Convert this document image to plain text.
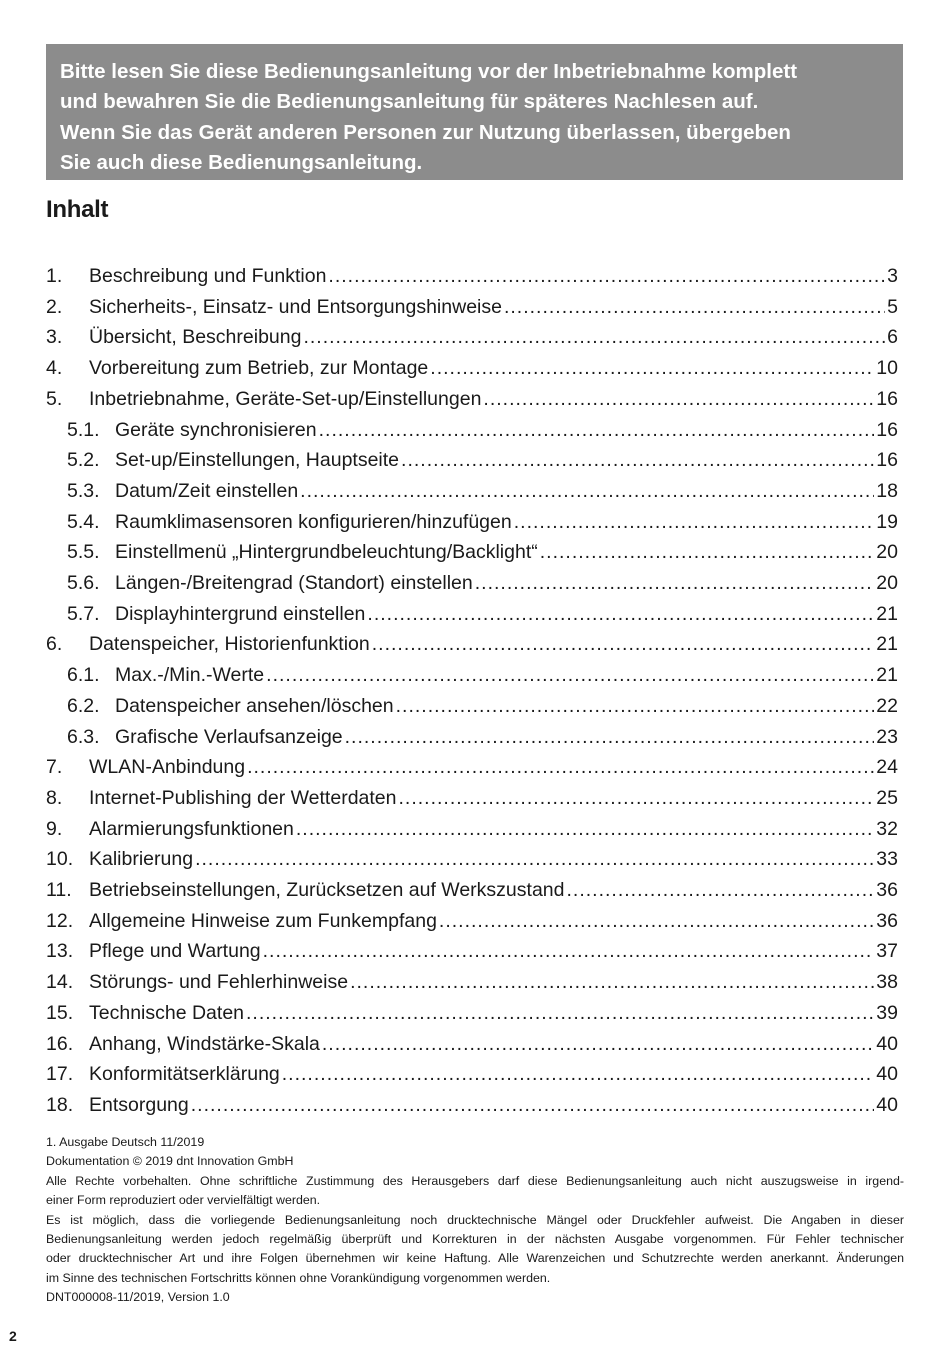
Bitte lesen Sie diese Bedienungsanleitung vor der Inbetriebnahme komplett
und bewahren Sie die Bedienungsanleitung für späteres Nachlesen auf.
Wenn Sie das Gerät anderen Personen zur Nutzung überlassen, übergeben
Sie auch diese Bedienungsanleitung.
Inhalt
1. Beschreibung und Funktion .....	3
2. Sicherheits-, Einsatz- und Entsorgungshinweise .....	5
3. Übersicht, Beschreibung .....	6
4. Vorbereitung zum Betrieb, zur Montage .....	10
5. Inbetriebnahme, Geräte-Set-up/Einstellungen .....	16
5.1. Geräte synchronisieren .....	16
5.2. Set-up/Einstellungen, Hauptseite .....	16
5.3. Datum/Zeit einstellen .....	18
5.4. Raumklimasensoren konfigurieren/hinzufügen .....	19
5.5. Einstellmenü „Hintergrundbeleuchtung/Backlight“ .....	20
5.6. Längen-/Breitengrad (Standort) einstellen .....	20
5.7. Displayhintergrund einstellen .....	21
6. Datenspeicher, Historienfunktion .....	21
6.1. Max.-/Min.-Werte .....	21
6.2. Datenspeicher ansehen/löschen .....	22
6.3. Grafische Verlaufsanzeige .....	23
7. WLAN-Anbindung .....	24
8. Internet-Publishing der Wetterdaten .....	25
9. Alarmierungsfunktionen .....	32
10. Kalibrierung .....	33
11. Betriebseinstellungen, Zurücksetzen auf Werkszustand .....	36
12. Allgemeine Hinweise zum Funkempfang .....	36
13. Pflege und Wartung .....	37
14. Störungs- und Fehlerhinweise .....	38
15. Technische Daten .....	39
16. Anhang, Windstärke-Skala .....	40
17. Konformitätserklärung .....	40
18. Entsorgung .....	40

1. Ausgabe Deutsch 11/2019

Dokumentation © 2019 dnt Innovation GmbH

Alle Rechte vorbehalten. Ohne schriftliche Zustimmung des Herausgebers darf diese Bedienungsanleitung auch nicht auszugsweise in irgend-

einer Form reproduziert oder vervielfältigt werden.

Es ist möglich, dass die vorliegende Bedienungsanleitung noch drucktechnische Mängel oder Druckfehler aufweist. Die Angaben in dieser

Bedienungsanleitung werden jedoch regelmäßig überprüft und Korrekturen in der nächsten Ausgabe vorgenommen. Für Fehler technischer

oder drucktechnischer Art und ihre Folgen übernehmen wir keine Haftung. Alle Warenzeichen und Schutzrechte werden anerkannt. Änderungen

im Sinne des technischen Fortschritts können ohne Vorankündigung vorgenommen werden.

DNT000008-11/2019, Version 1.0

2
